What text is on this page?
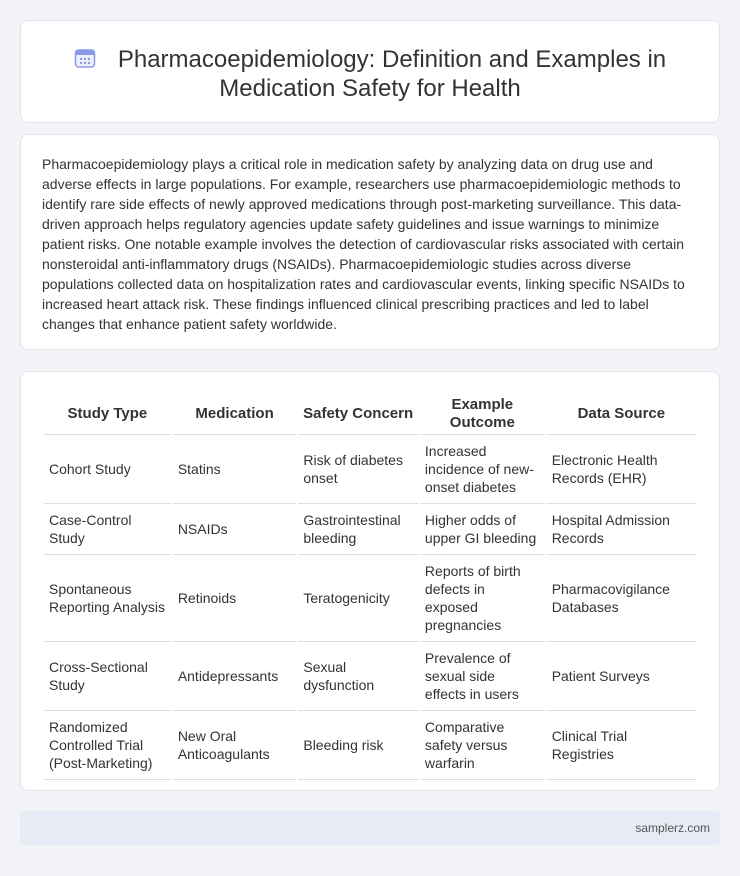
Pharmacoepidemiology: Definition and Examples in Medication Safety for Health

Pharmacoepidemiology plays a critical role in medication safety by analyzing data on drug use and adverse effects in large populations. For example, researchers use pharmacoepidemiologic methods to identify rare side effects of newly approved medications through post-marketing surveillance. This data-driven approach helps regulatory agencies update safety guidelines and issue warnings to minimize patient risks. One notable example involves the detection of cardiovascular risks associated with certain nonsteroidal anti-inflammatory drugs (NSAIDs). Pharmacoepidemiologic studies across diverse populations collected data on hospitalization rates and cardiovascular events, linking specific NSAIDs to increased heart attack risk. These findings influenced clinical prescribing practices and led to label changes that enhance patient safety worldwide.

Study Type	Medication	Safety Concern	Example Outcome	Data Source
Cohort Study	Statins	Risk of diabetes onset	Increased incidence of new-onset diabetes	Electronic Health Records (EHR)
Case-Control Study	NSAIDs	Gastrointestinal bleeding	Higher odds of upper GI bleeding	Hospital Admission Records
Spontaneous Reporting Analysis	Retinoids	Teratogenicity	Reports of birth defects in exposed pregnancies	Pharmacovigilance Databases
Cross-Sectional Study	Antidepressants	Sexual dysfunction	Prevalence of sexual side effects in users	Patient Surveys
Randomized Controlled Trial (Post-Marketing)	New Oral Anticoagulants	Bleeding risk	Comparative safety versus warfarin	Clinical Trial Registries
samplerz.com
